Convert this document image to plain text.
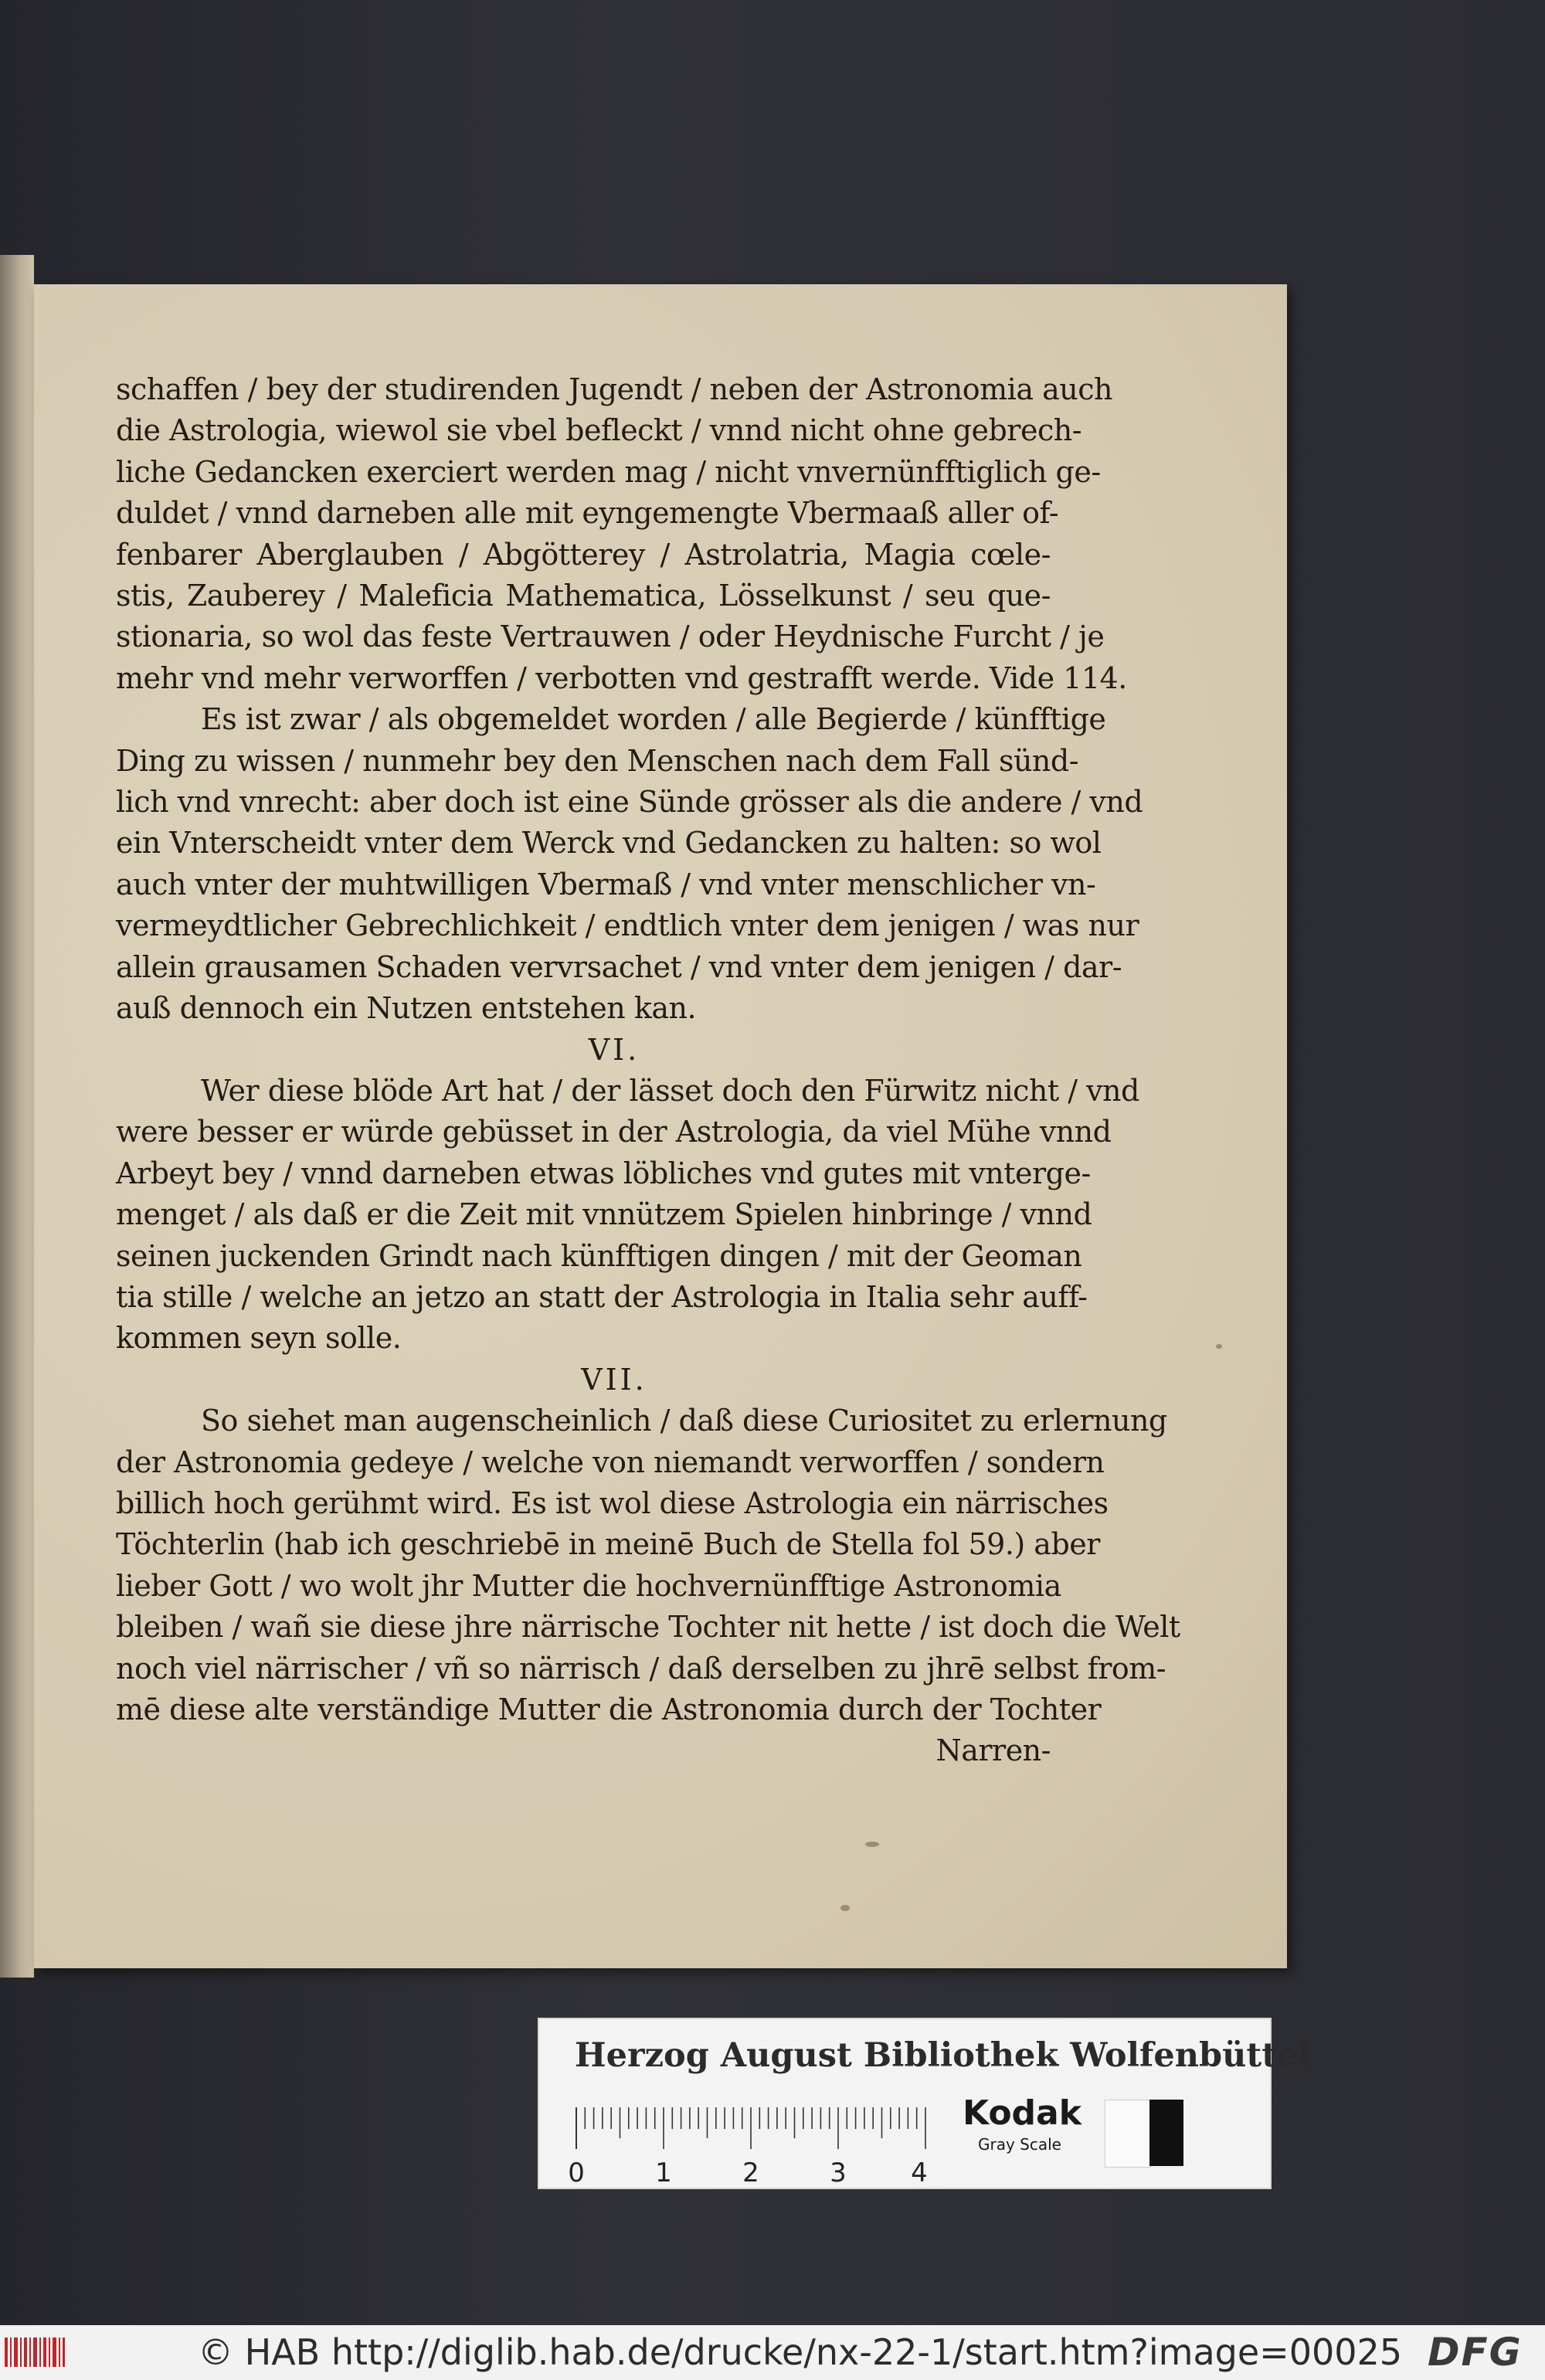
schaffen / bey der studirenden Jugendt / neben der Astronomia auch
die Astrologia, wiewol sie vbel befleckt / vnnd nicht ohne gebrech-
liche Gedancken exerciert werden mag / nicht vnvernünfftiglich ge-
duldet / vnnd darneben alle mit eyngemengte Vbermaaß aller of-
fenbarer Aberglauben / Abgötterey / Astrolatria, Magia cœle-
stis, Zauberey / Maleficia Mathematica, Lösselkunst / seu que-
stionaria, so wol das feste Vertrauwen / oder Heydnische Furcht / je
mehr vnd mehr verworffen / verbotten vnd gestrafft werde. Vide 114.
Es ist zwar / als obgemeldet worden / alle Begierde / künfftige
Ding zu wissen / nunmehr bey den Menschen nach dem Fall sünd-
lich vnd vnrecht: aber doch ist eine Sünde grösser als die andere / vnd
ein Vnterscheidt vnter dem Werck vnd Gedancken zu halten: so wol
auch vnter der muhtwilligen Vbermaß / vnd vnter menschlicher vn-
vermeydtlicher Gebrechlichkeit / endtlich vnter dem jenigen / was nur
allein grausamen Schaden vervrsachet / vnd vnter dem jenigen / dar-
auß dennoch ein Nutzen entstehen kan.
VI.
Wer diese blöde Art hat / der lässet doch den Fürwitz nicht / vnd
were besser er würde gebüsset in der Astrologia, da viel Mühe vnnd
Arbeyt bey / vnnd darneben etwas löbliches vnd gutes mit vnterge-
menget / als daß er die Zeit mit vnnützem Spielen hinbringe / vnnd
seinen juckenden Grindt nach künfftigen dingen / mit der Geoman
tia stille / welche an jetzo an statt der Astrologia in Italia sehr auff-
kommen seyn solle.
VII.
So siehet man augenscheinlich / daß diese Curiositet zu erlernung
der Astronomia gedeye / welche von niemandt verworffen / sondern
billich hoch gerühmt wird. Es ist wol diese Astrologia ein närrisches
Töchterlin (hab ich geschriebē in meinē Buch de Stella fol 59.) aber
lieber Gott / wo wolt jhr Mutter die hochvernünfftige Astronomia
bleiben / wañ sie diese jhre närrische Tochter nit hette / ist doch die Welt
noch viel närrischer / vñ so närrisch / daß derselben zu jhrē selbst from-
mē diese alte verständige Mutter die Astronomia durch der Tochter
Narren-
Herzog August Bibliothek Wolfenbüttel
0	1	2	3 4
Kodak
Gray Scale
© HAB http://diglib.hab.de/drucke/nx-22-1/start.htm?image=00025 DFG
